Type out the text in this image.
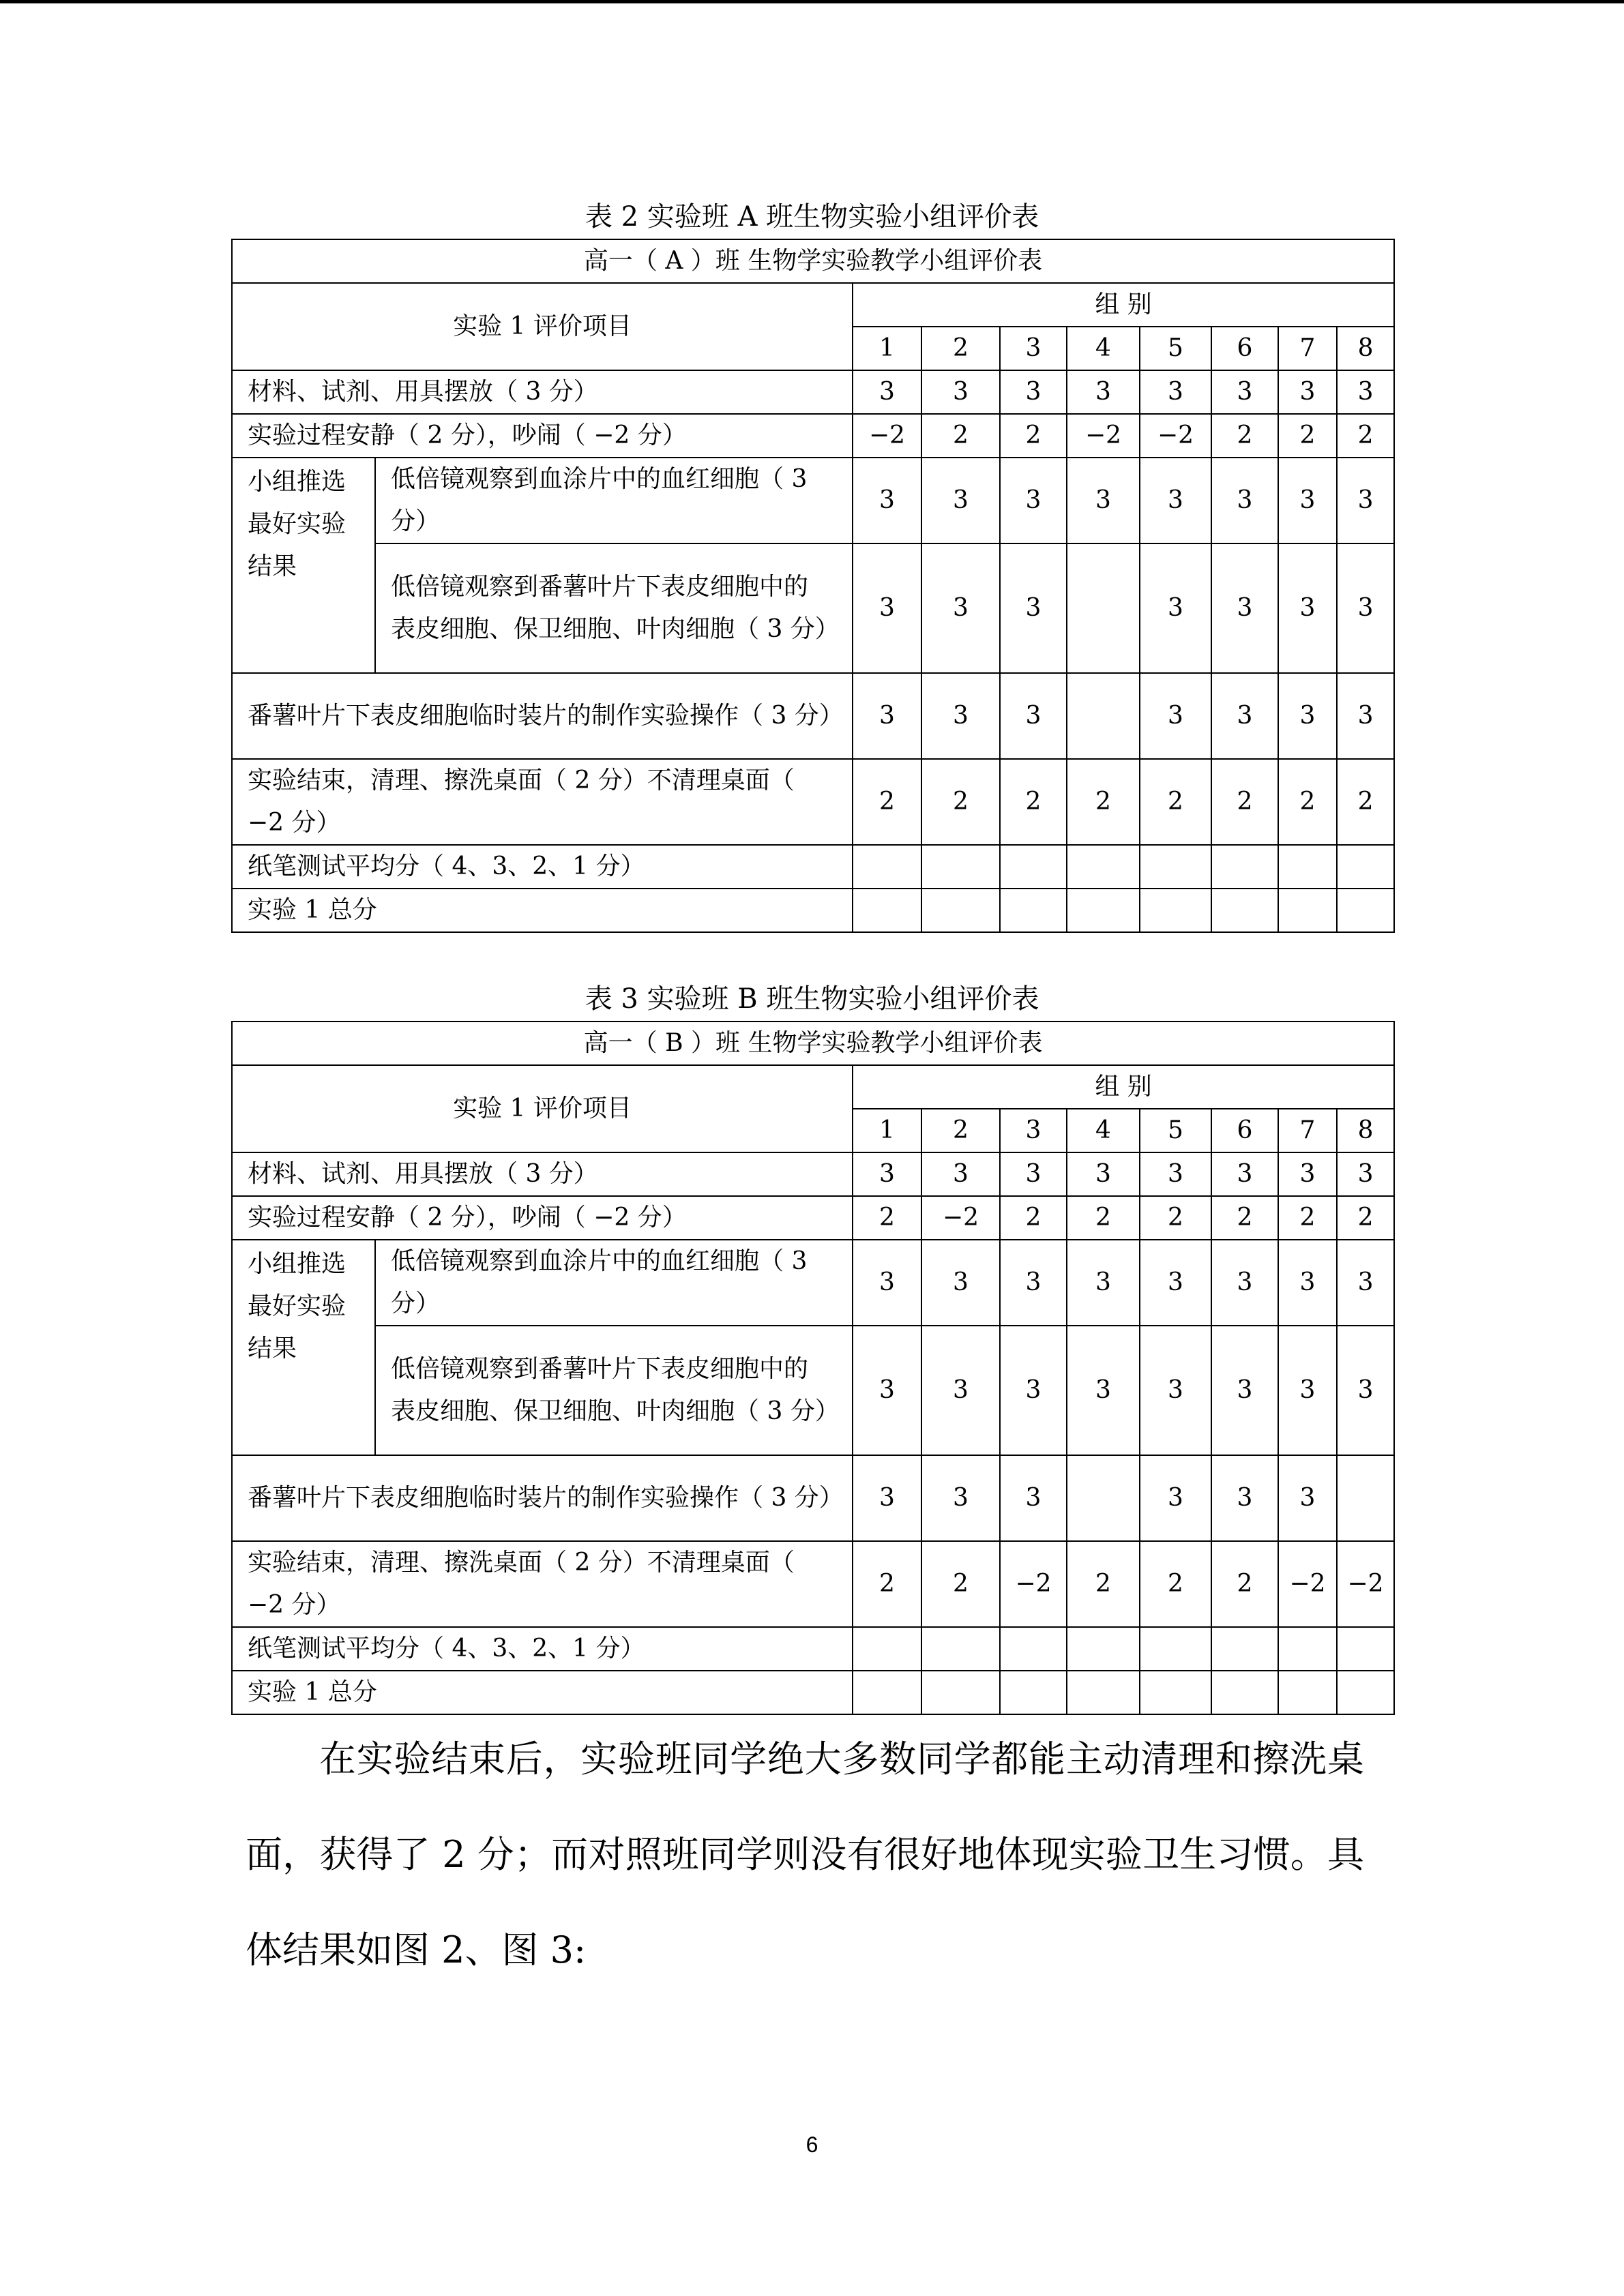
表 2 实验班 A 班生物实验小组评价表
高一（ A ）班 生物学实验教学小组评价表									
实验 1 评价项目		组 别							
		1	2	3	4	5	6	7	8
材料、试剂、用具摆放（ 3 分）		3	3	3	3	3	3	3	3
实验过程安静（ 2 分），吵闹（ −2 分）		−2	2	2	−2	−2	2	2	2
小组推选最好实验结果	低倍镜观察到血涂片中的血红细胞（ 3 分）	3	3	3	3	3	3	3	3
	低倍镜观察到番薯叶片下表皮细胞中的表皮细胞、保卫细胞、叶肉细胞（ 3 分）	3	3	3		3	3	3	3
番薯叶片下表皮细胞临时装片的制作实验操作（ 3 分）		3	3	3		3	3	3	3
实验结束，清理、擦洗桌面（ 2 分）不清理桌面（ −2 分）		2	2	2	2	2	2	2	2
纸笔测试平均分（ 4、3、2、1 分）									
实验 1 总分									
表 3 实验班 B 班生物实验小组评价表
高一（ B ）班 生物学实验教学小组评价表									
实验 1 评价项目		组 别							
		1	2	3	4	5	6	7	8
材料、试剂、用具摆放（ 3 分）		3	3	3	3	3	3	3	3
实验过程安静（ 2 分），吵闹（ −2 分）		2	−2	2	2	2	2	2	2
小组推选最好实验结果	低倍镜观察到血涂片中的血红细胞（ 3 分）	3	3	3	3	3	3	3	3
	低倍镜观察到番薯叶片下表皮细胞中的表皮细胞、保卫细胞、叶肉细胞（ 3 分）	3	3	3	3	3	3	3	3
番薯叶片下表皮细胞临时装片的制作实验操作（ 3 分）		3	3	3		3	3	3	
实验结束，清理、擦洗桌面（ 2 分）不清理桌面（ −2 分）		2	2	−2	2	2	2	−2	−2
纸笔测试平均分（ 4、3、2、1 分）									
实验 1 总分									
在实验结束后，实验班同学绝大多数同学都能主动清理和擦洗桌面，获得了 2 分；而对照班同学则没有很好地体现实验卫生习惯。具体结果如图 2、图 3:
6
